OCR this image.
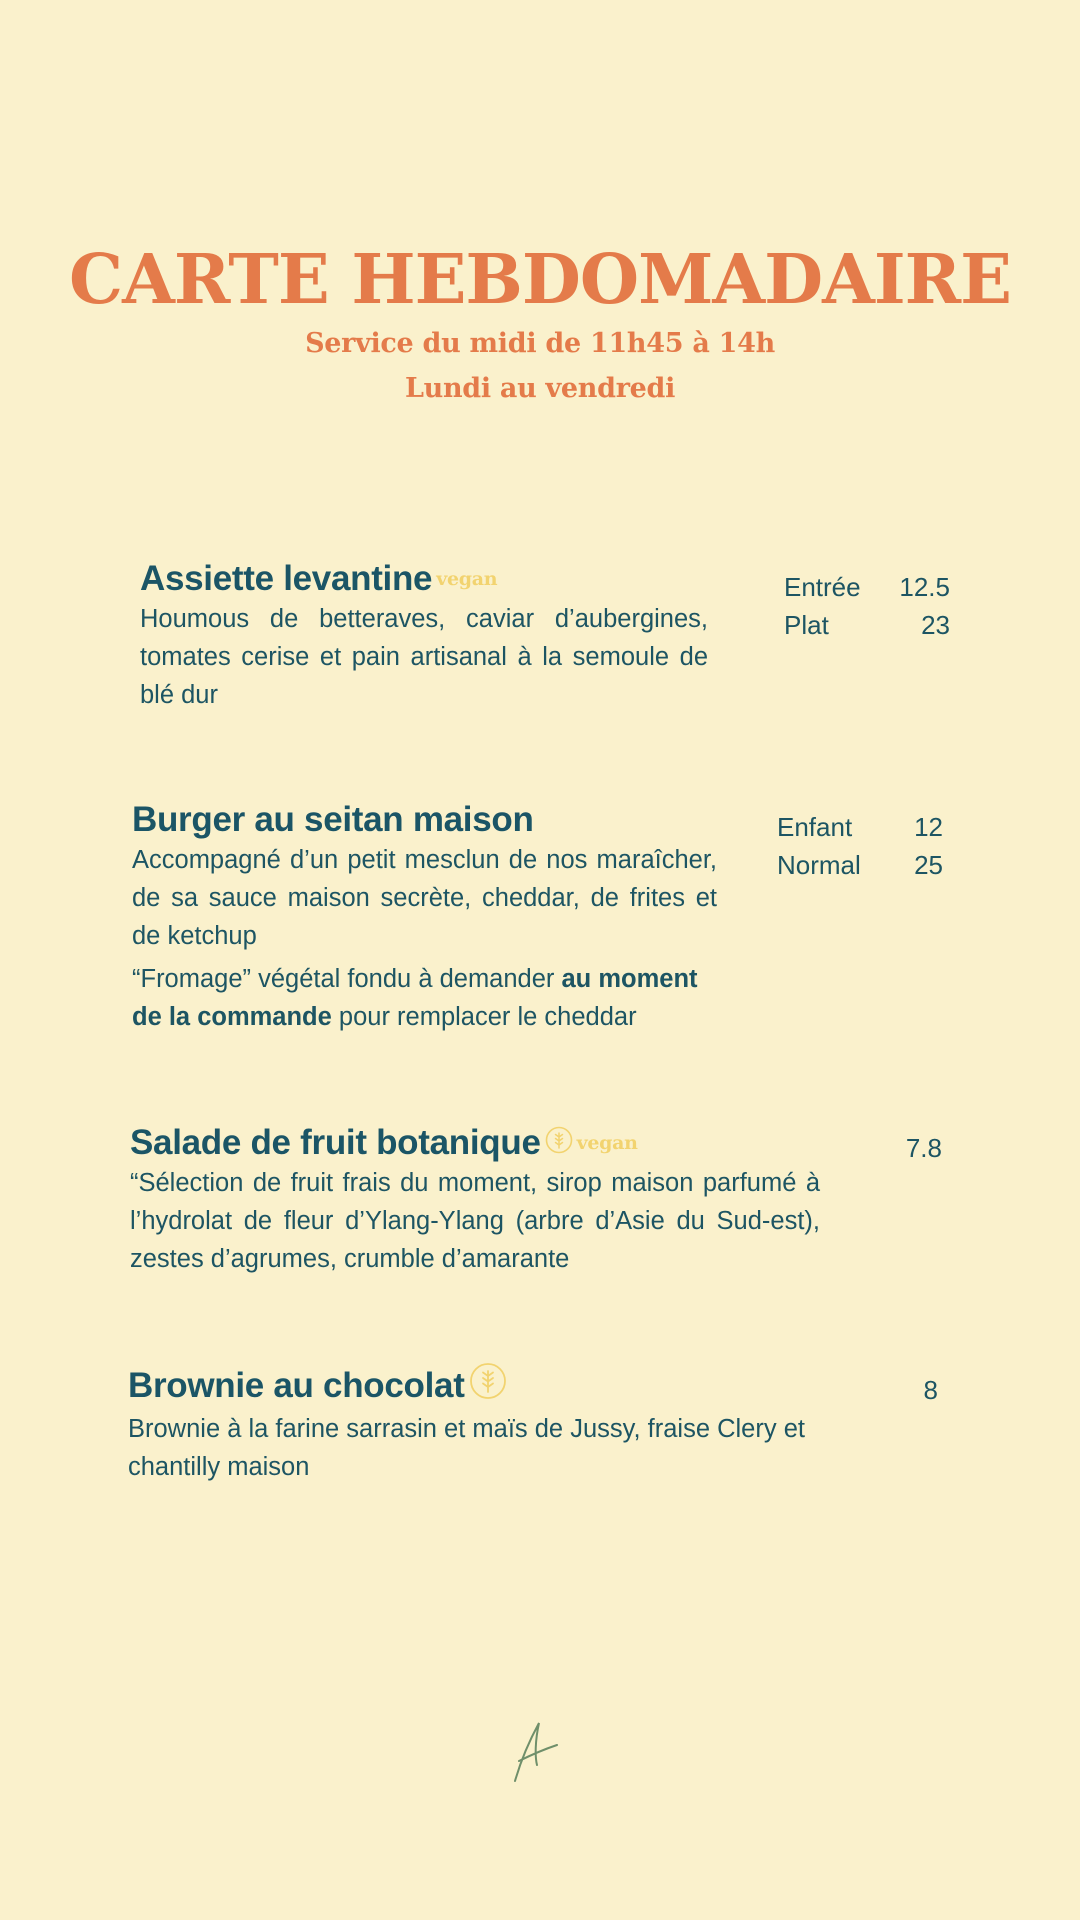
CARTE HEBDOMADAIRE
Service du midi de 11h45 à 14h
Lundi au vendredi
Assiette levantine vegan
Houmous de betteraves, caviar d’aubergines, tomates cerise et pain artisanal à la semoule de blé dur
Entrée 12.5
Plat	23
Burger au seitan maison
Accompagné d’un petit mesclun de nos maraîcher, de sa sauce maison secrète, cheddar, de frites et de ketchup
“Fromage” végétal fondu à demander au moment de la commande pour remplacer le cheddar
Enfant 12
Normal 25
Salade de fruit botanique vegan
“Sélection de fruit frais du moment, sirop maison parfumé à l’hydrolat de fleur d’Ylang-Ylang (arbre d’Asie du Sud-est), zestes d’agrumes, crumble d’amarante
7.8
Brownie au chocolat
Brownie à la farine sarrasin et maïs de Jussy, fraise Clery et chantilly maison
8
